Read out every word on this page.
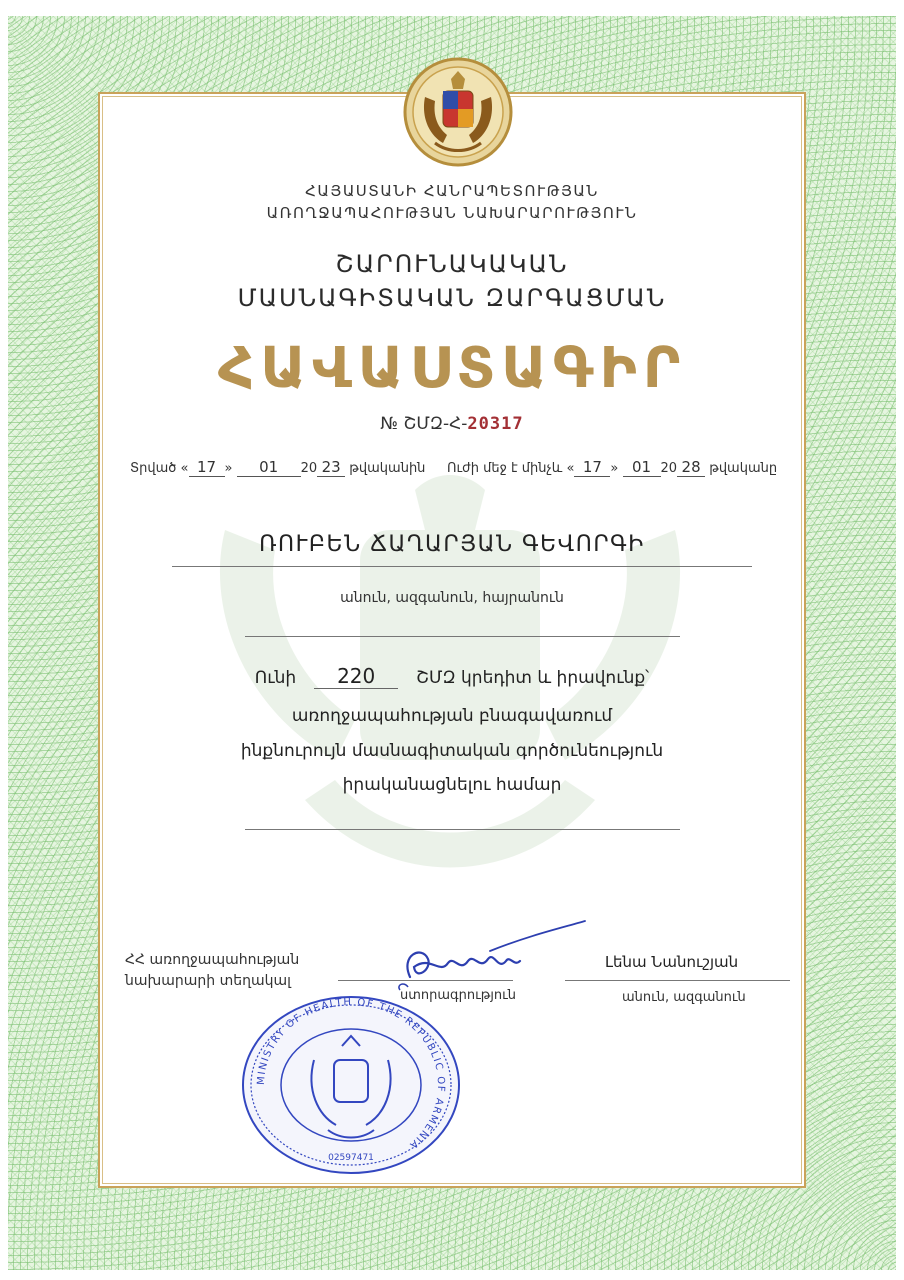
ՀԱՅԱՍՏԱՆԻ ՀԱՆՐԱՊԵՏՈՒԹՅԱՆ
ԱՌՈՂՋԱՊԱՀՈՒԹՅԱՆ ՆԱԽԱՐԱՐՈՒԹՅՈՒՆ
ՇԱՐՈՒՆԱԿԱԿԱՆ
ՄԱՍՆԱԳԻՏԱԿԱՆ ԶԱՐԳԱՑՄԱՆ
ՀԱՎԱՍՏԱԳԻՐ
№ ՇՄԶ-Հ-20317
Տրված « 17 » 01 20 23 թվականին Ուժի մեջ է մինչև « 17 » 01 20 28 թվականը
ՌՈՒԲԵՆ ՃԱՂԱՐՅԱՆ ԳԵՎՈՐԳԻ
անուն, ազգանուն, հայրանուն
Ունի 220 ՇՄԶ կրեդիտ և իրավունք՝
առողջապահության բնագավառում
ինքնուրույն մասնագիտական գործունեություն
իրականացնելու համար
ՀՀ առողջապահության
նախարարի տեղակալ
MINISTRY OF HEALTH OF THE REPUBLIC OF ARMENIA
02597471
ստորագրություն
Լենա Նանուշյան
անուն, ազգանուն
